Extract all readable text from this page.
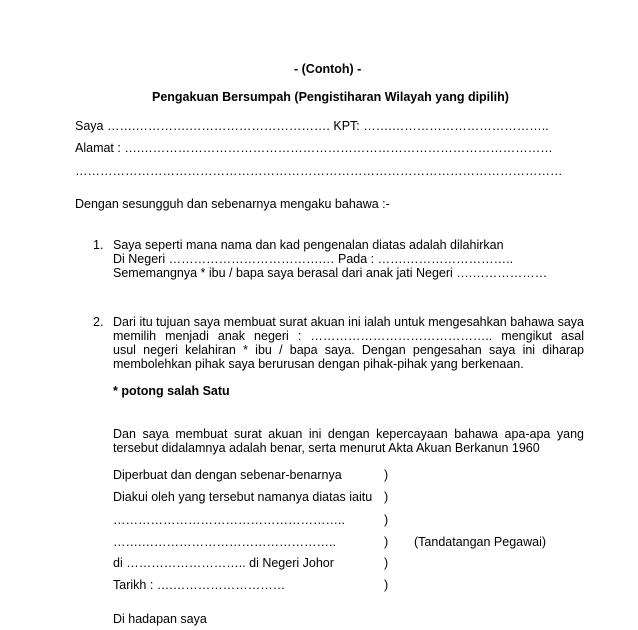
- (Contoh) -
Pengakuan Bersumpah (Pengistiharan Wilayah yang dipilih)
Saya …….………….……………………………. KPT: …….………………………………..
Alamat : ….………………………………………………………………………………………
………………………………………………………………………………………………………
Dengan sesungguh dan sebenarnya mengaku bahawa :-
1. Saya seperti mana nama dan kad pengenalan diatas adalah dilahirkan
Di Negeri ……………………………….… Pada : …….……………………..
Sememangnya * ibu / bapa saya berasal dari anak jati Negeri ….………………
2. Dari itu tujuan saya membuat surat akuan ini ialah untuk mengesahkan bahawa saya
memilih menjadi anak negeri : …………………………………….. mengikut asal
usul negeri kelahiran * ibu / bapa saya. Dengan pengesahan saya ini diharap
membolehkan pihak saya berurusan dengan pihak-pihak yang berkenaan.
* potong salah Satu
Dan saya membuat surat akuan ini dengan kepercayaan bahawa apa-apa yang
tersebut didalamnya adalah benar, serta menurut Akta Akuan Berkanun 1960
Diperbuat dan dengan sebenar-benarnya
Diakui oleh yang tersebut namanya diatas iaitu
………………………………………………..
…….………………………………………..
di ……………………….. di Negeri Johor
Tarikh : ….………………………
)
)
)
)
)
)
(Tandatangan Pegawai)
Di hadapan saya
